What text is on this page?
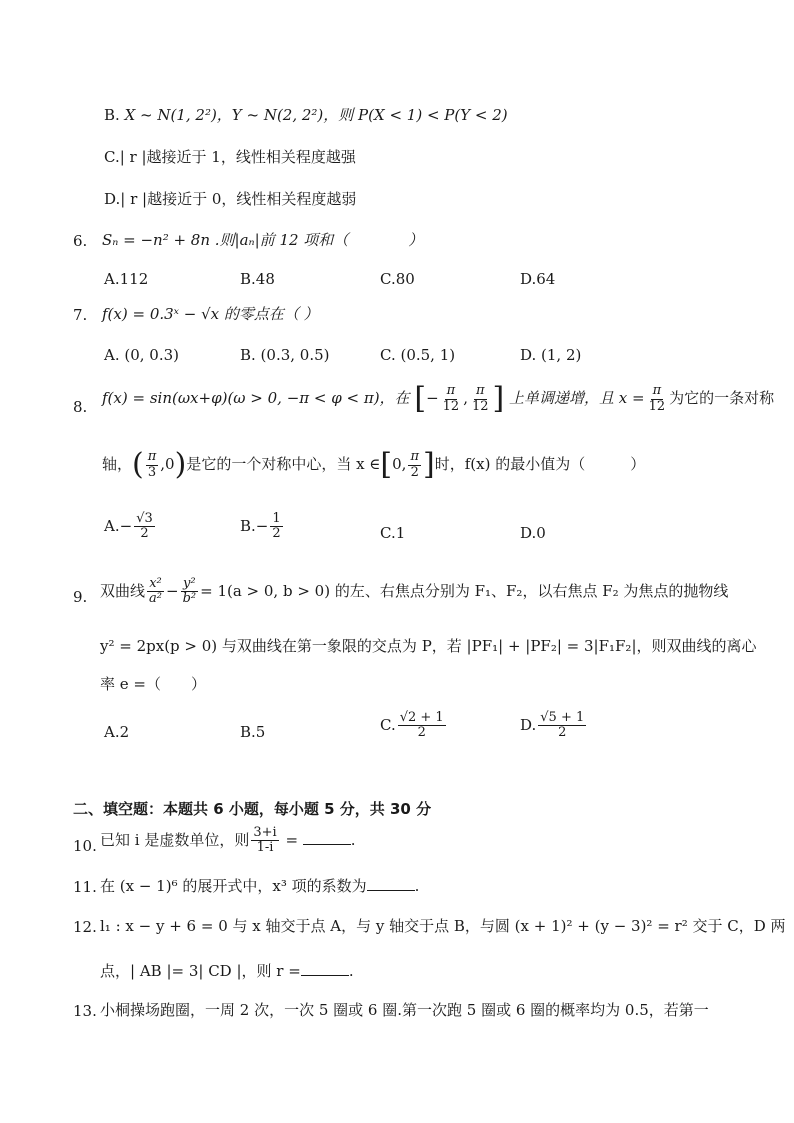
B. X ~ N(1, 2²)，Y ~ N(2, 2²)，则 P(X < 1) < P(Y < 2)
C.| r |越接近于 1，线性相关程度越强
D.| r |越接近于 0，线性相关程度越弱
6. Sₙ = −n² + 8n .则|aₙ|前 12 项和（　　　　）
A.112	B.48	C.80	D.64
7. f(x) = 0.3ˣ − √x 的零点在（ ）
A. (0, 0.3)	B. (0.3, 0.5)	C. (0.5, 1)	D. (1, 2)
8. f(x) = sin(ωx+φ)(ω > 0, −π < φ < π)，在 [− $\frac{\pi}{12}$ , $\frac{\pi}{12}$ ] 上单调递增，且 $x = \frac{\pi}{12}$ 为它的一条对称
轴，( $\frac{\pi}{3} ,0$)是它的一个对称中心，当 x ∈[0, $\frac{\pi}{2}$ ]时，f(x) 的最小值为（　　　）
$A.- \frac{√3}{2}$	$B.- \frac{1}{2}$	C.1	D.0
9. 双曲线 $\frac{\text{x²}}{\text{a²}} - \frac{\text{y²}}{\text{b²}} = 1(a > 0$, b > 0) 的左、右焦点分别为 F₁、F₂，以右焦点 F₂ 为焦点的抛物线
y² = 2px(p > 0) 与双曲线在第一象限的交点为 P，若 |PF₁| + |PF₂| = 3|F₁F₂|，则双曲线的离心
率 e =（　　）
A.2	B.5	C. $\frac{√2 + 1}{2}$	D. $\frac{√5 + 1}{2}$
二、填空题：本题共 6 小题，每小题 5 分，共 30 分
10. 已知 i 是虚数单位，则 $\frac{3+i}{1-i}$ =	.
11. 在 (x − 1)⁶ 的展开式中，x³ 项的系数为	.
12. l₁ : x − y + 6 = 0 与 x 轴交于点 A，与 y 轴交于点 B，与圆 (x + 1)² + (y − 3)² = r² 交于 C，D 两
点，| AB |= 3| CD |，则 r =	.
13. 小桐操场跑圈，一周 2 次，一次 5 圈或 6 圈.第一次跑 5 圈或 6 圈的概率均为 0.5，若第一
